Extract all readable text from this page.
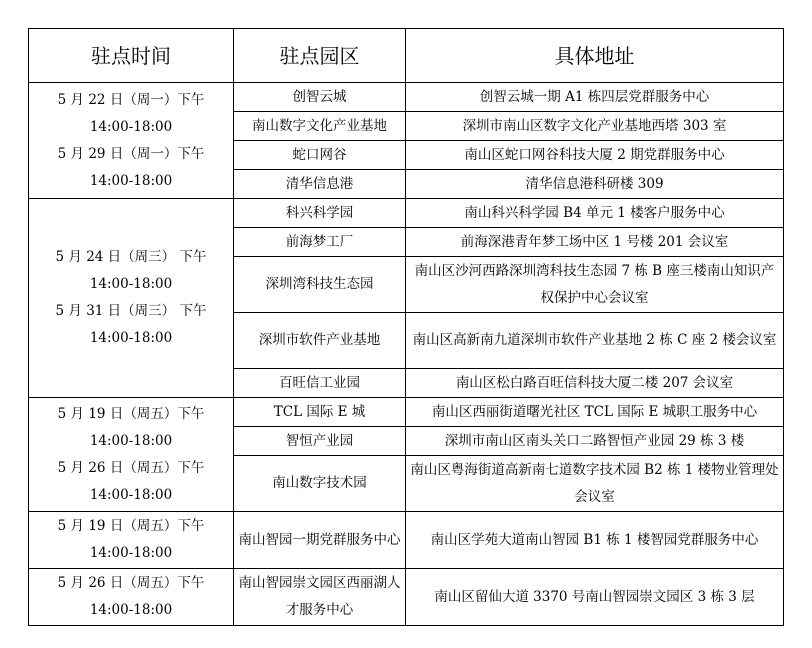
驻点时间	驻点园区	具体地址

5 月 22 日（周一）下午
14:00-18:00
5 月 29 日（周一）下午
14:00-18:00	创智云城	创智云城一期 A1 栋四层党群服务中心
	南山数字文化产业基地	深圳市南山区数字文化产业基地西塔 303 室
	蛇口网谷	南山区蛇口网谷科技大厦 2 期党群服务中心
	清华信息港	清华信息港科研楼 309

5 月 24 日（周三） 下午
14:00-18:00
5 月 31 日（周三） 下午
14:00-18:00	科兴科学园	南山科兴科学园 B4 单元 1 楼客户服务中心
	前海梦工厂	前海深港青年梦工场中区 1 号楼 201 会议室
	深圳湾科技生态园	南山区沙河西路深圳湾科技生态园 7 栋 B 座三楼南山知识产权保护中心会议室
	深圳市软件产业基地	南山区高新南九道深圳市软件产业基地 2 栋 C 座 2 楼会议室
	百旺信工业园	南山区松白路百旺信科技大厦二楼 207 会议室

5 月 19 日（周五）下午
14:00-18:00
5 月 26 日（周五）下午
14:00-18:00	TCL 国际 E 城	南山区西丽街道曙光社区 TCL 国际 E 城职工服务中心
	智恒产业园	深圳市南山区南头关口二路智恒产业园 29 栋 3 楼
	南山数字技术园	南山区粤海街道高新南七道数字技术园 B2 栋 1 楼物业管理处会议室

5 月 19 日（周五）下午
14:00-18:00	南山智园一期党群服务中心	南山区学苑大道南山智园 B1 栋 1 楼智园党群服务中心

5 月 26 日（周五）下午
14:00-18:00	南山智园崇文园区西丽湖人才服务中心	南山区留仙大道 3370 号南山智园崇文园区 3 栋 3 层
